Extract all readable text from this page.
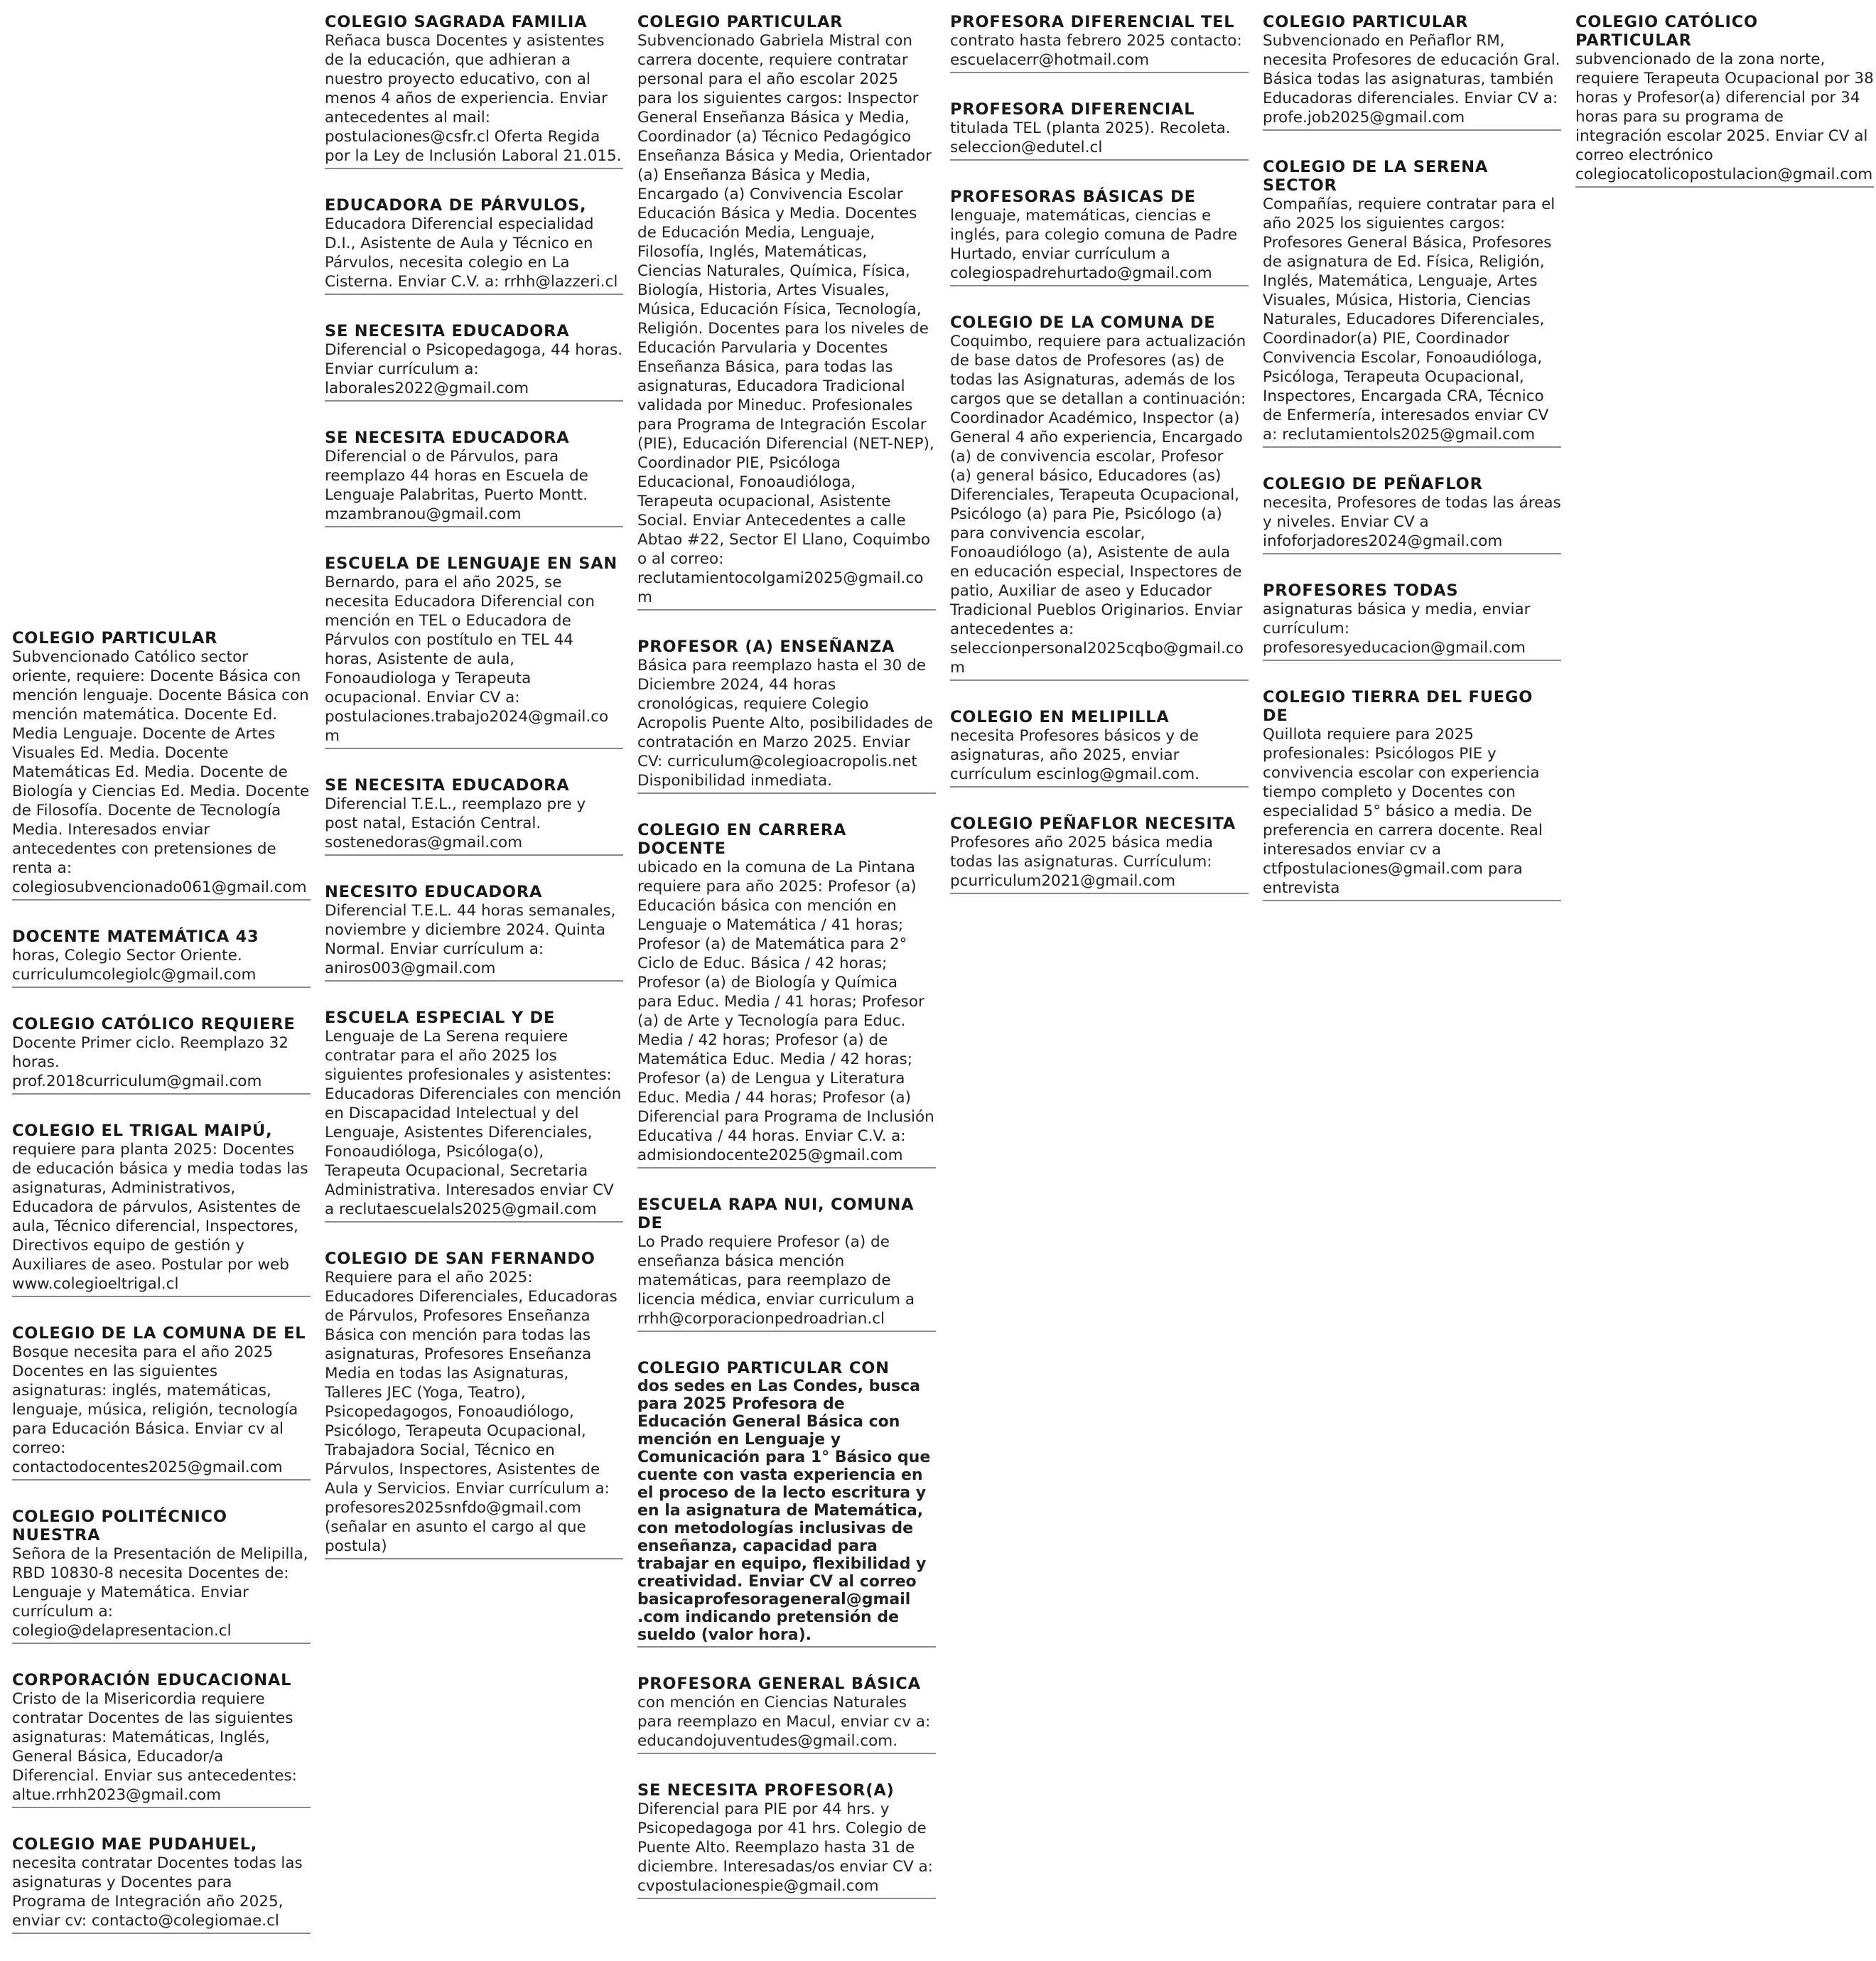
COLEGIO PARTICULAR

Subvencionado Católico sector oriente, requiere: Docente Básica con mención lenguaje. Docente Básica con mención matemática. Docente Ed. Media Lenguaje. Docente de Artes Visuales Ed. Media. Docente Matemáticas Ed. Media. Docente de Biología y Ciencias Ed. Media. Docente de Filosofía. Docente de Tecnología Media. Interesados enviar antecedentes con pretensiones de renta a: colegiosubvencionado061@gmail.com

DOCENTE MATEMÁTICA 43

horas, Colegio Sector Oriente. curriculumcolegiolc@gmail.com

COLEGIO CATÓLICO REQUIERE

Docente Primer ciclo. Reemplazo 32 horas. prof.2018curriculum@gmail.com

COLEGIO EL TRIGAL MAIPÚ,

requiere para planta 2025: Docentes de educación básica y media todas las asignaturas, Administrativos, Educadora de párvulos, Asistentes de aula, Técnico diferencial, Inspectores, Directivos equipo de gestión y Auxiliares de aseo. Postular por web www.colegioeltrigal.cl

COLEGIO DE LA COMUNA DE EL

Bosque necesita para el año 2025 Docentes en las siguientes asignaturas: inglés, matemáticas, lenguaje, música, religión, tecnología para Educación Básica. Enviar cv al correo: contactodocentes2025@gmail.com

COLEGIO POLITÉCNICO NUESTRA

Señora de la Presentación de Melipilla, RBD 10830-8 necesita Docentes de: Lenguaje y Matemática. Enviar currículum a: colegio@delapresentacion.cl

CORPORACIÓN EDUCACIONAL

Cristo de la Misericordia requiere contratar Docentes de las siguientes asignaturas: Matemáticas, Inglés, General Básica, Educador/a Diferencial. Enviar sus antecedentes: altue.rrhh2023@gmail.com

COLEGIO MAE PUDAHUEL,

necesita contratar Docentes todas las asignaturas y Docentes para Programa de Integración año 2025, enviar cv: contacto@colegiomae.cl

COLEGIO SAGRADA FAMILIA

Reñaca busca Docentes y asistentes de la educación, que adhieran a nuestro proyecto educativo, con al menos 4 años de experiencia. Enviar antecedentes al mail: postulaciones@csfr.cl Oferta Regida por la Ley de Inclusión Laboral 21.015.

EDUCADORA DE PÁRVULOS,

Educadora Diferencial especialidad D.I., Asistente de Aula y Técnico en Párvulos, necesita colegio en La Cisterna. Enviar C.V. a: rrhh@lazzeri.cl

SE NECESITA EDUCADORA

Diferencial o Psicopedagoga, 44 horas. Enviar currículum a: laborales2022@gmail.com

SE NECESITA EDUCADORA

Diferencial o de Párvulos, para reemplazo 44 horas en Escuela de Lenguaje Palabritas, Puerto Montt. mzambranou@gmail.com

ESCUELA DE LENGUAJE EN SAN

Bernardo, para el año 2025, se necesita Educadora Diferencial con mención en TEL o Educadora de Párvulos con postítulo en TEL 44 horas, Asistente de aula, Fonoaudiologa y Terapeuta ocupacional. Enviar CV a: postulaciones.trabajo2024@gmail.com

SE NECESITA EDUCADORA

Diferencial T.E.L., reemplazo pre y post natal, Estación Central. sostenedoras@gmail.com

NECESITO EDUCADORA

Diferencial T.E.L. 44 horas semanales, noviembre y diciembre 2024. Quinta Normal. Enviar currículum a: aniros003@gmail.com

ESCUELA ESPECIAL Y DE

Lenguaje de La Serena requiere contratar para el año 2025 los siguientes profesionales y asistentes: Educadoras Diferenciales con mención en Discapacidad Intelectual y del Lenguaje, Asistentes Diferenciales, Fonoaudióloga, Psicóloga(o), Terapeuta Ocupacional, Secretaria Administrativa. Interesados enviar CV a reclutaescuelals2025@gmail.com

COLEGIO DE SAN FERNANDO

Requiere para el año 2025: Educadores Diferenciales, Educadoras de Párvulos, Profesores Enseñanza Básica con mención para todas las asignaturas, Profesores Enseñanza Media en todas las Asignaturas, Talleres JEC (Yoga, Teatro), Psicopedagogos, Fonoaudiólogo, Psicólogo, Terapeuta Ocupacional, Trabajadora Social, Técnico en Párvulos, Inspectores, Asistentes de Aula y Servicios. Enviar currículum a: profesores2025snfdo@gmail.com (señalar en asunto el cargo al que postula)

COLEGIO PARTICULAR

Subvencionado Gabriela Mistral con carrera docente, requiere contratar personal para el año escolar 2025 para los siguientes cargos: Inspector General Enseñanza Básica y Media, Coordinador (a) Técnico Pedagógico Enseñanza Básica y Media, Orientador (a) Enseñanza Básica y Media, Encargado (a) Convivencia Escolar Educación Básica y Media. Docentes de Educación Media, Lenguaje, Filosofía, Inglés, Matemáticas, Ciencias Naturales, Química, Física, Biología, Historia, Artes Visuales, Música, Educación Física, Tecnología, Religión. Docentes para los niveles de Educación Parvularia y Docentes Enseñanza Básica, para todas las asignaturas, Educadora Tradicional validada por Mineduc. Profesionales para Programa de Integración Escolar (PIE), Educación Diferencial (NET-NEP), Coordinador PIE, Psicóloga Educacional, Fonoaudióloga, Terapeuta ocupacional, Asistente Social. Enviar Antecedentes a calle Abtao #22, Sector El Llano, Coquimbo o al correo: reclutamientocolgami2025@gmail.com

PROFESOR (A) ENSEÑANZA

Básica para reemplazo hasta el 30 de Diciembre 2024, 44 horas cronológicas, requiere Colegio Acropolis Puente Alto, posibilidades de contratación en Marzo 2025. Enviar CV: curriculum@colegioacropolis.net Disponibilidad inmediata.

COLEGIO EN CARRERA DOCENTE

ubicado en la comuna de La Pintana requiere para año 2025: Profesor (a) Educación básica con mención en Lenguaje o Matemática / 41 horas; Profesor (a) de Matemática para 2° Ciclo de Educ. Básica / 42 horas; Profesor (a) de Biología y Química para Educ. Media / 41 horas; Profesor (a) de Arte y Tecnología para Educ. Media / 42 horas; Profesor (a) de Matemática Educ. Media / 42 horas; Profesor (a) de Lengua y Literatura Educ. Media / 44 horas; Profesor (a) Diferencial para Programa de Inclusión Educativa / 44 horas. Enviar C.V. a: admisiondocente2025@gmail.com

ESCUELA RAPA NUI, COMUNA DE

Lo Prado requiere Profesor (a) de enseñanza básica mención matemáticas, para reemplazo de licencia médica, enviar curriculum a rrhh@corporacionpedroadrian.cl

COLEGIO PARTICULAR CON

dos sedes en Las Condes, busca para 2025 Profesora de Educación General Básica con mención en Lenguaje y Comunicación para 1° Básico que cuente con vasta experiencia en el proceso de la lecto escritura y en la asignatura de Matemática, con metodologías inclusivas de enseñanza, capacidad para trabajar en equipo, flexibilidad y creatividad. Enviar CV al correo basicaprofesorageneral@gmail .com indicando pretensión de sueldo (valor hora).

PROFESORA GENERAL BÁSICA

con mención en Ciencias Naturales para reemplazo en Macul, enviar cv a: educandojuventudes@gmail.com.

SE NECESITA PROFESOR(A)

Diferencial para PIE por 44 hrs. y Psicopedagoga por 41 hrs. Colegio de Puente Alto. Reemplazo hasta 31 de diciembre. Interesadas/os enviar CV a: cvpostulacionespie@gmail.com

PROFESORA DIFERENCIAL TEL

contrato hasta febrero 2025 contacto: escuelacerr@hotmail.com

PROFESORA DIFERENCIAL

titulada TEL (planta 2025). Recoleta. seleccion@edutel.cl

PROFESORAS BÁSICAS DE

lenguaje, matemáticas, ciencias e inglés, para colegio comuna de Padre Hurtado, enviar currículum a colegiospadrehurtado@gmail.com

COLEGIO DE LA COMUNA DE

Coquimbo, requiere para actualización de base datos de Profesores (as) de todas las Asignaturas, además de los cargos que se detallan a continuación: Coordinador Académico, Inspector (a) General 4 año experiencia, Encargado (a) de convivencia escolar, Profesor (a) general básico, Educadores (as) Diferenciales, Terapeuta Ocupacional, Psicólogo (a) para Pie, Psicólogo (a) para convivencia escolar, Fonoaudiólogo (a), Asistente de aula en educación especial, Inspectores de patio, Auxiliar de aseo y Educador Tradicional Pueblos Originarios. Enviar antecedentes a: seleccionpersonal2025cqbo@gmail.co m

COLEGIO EN MELIPILLA

necesita Profesores básicos y de asignaturas, año 2025, enviar currículum escinlog@gmail.com.

COLEGIO PEÑAFLOR NECESITA

Profesores año 2025 básica media todas las asignaturas. Currículum: pcurriculum2021@gmail.com

COLEGIO PARTICULAR

Subvencionado en Peñaflor RM, necesita Profesores de educación Gral. Básica todas las asignaturas, también Educadoras diferenciales. Enviar CV a: profe.job2025@gmail.com

COLEGIO DE LA SERENA SECTOR

Compañías, requiere contratar para el año 2025 los siguientes cargos: Profesores General Básica, Profesores de asignatura de Ed. Física, Religión, Inglés, Matemática, Lenguaje, Artes Visuales, Música, Historia, Ciencias Naturales, Educadores Diferenciales, Coordinador(a) PIE, Coordinador Convivencia Escolar, Fonoaudióloga, Psicóloga, Terapeuta Ocupacional, Inspectores, Encargada CRA, Técnico de Enfermería, interesados enviar CV a: reclutamientols2025@gmail.com

COLEGIO DE PEÑAFLOR

necesita, Profesores de todas las áreas y niveles. Enviar CV a infoforjadores2024@gmail.com

PROFESORES TODAS

asignaturas básica y media, enviar currículum: profesoresyeducacion@gmail.com

COLEGIO TIERRA DEL FUEGO DE

Quillota requiere para 2025 profesionales: Psicólogos PIE y convivencia escolar con experiencia tiempo completo y Docentes con especialidad 5° básico a media. De preferencia en carrera docente. Real interesados enviar cv a ctfpostulaciones@gmail.com para entrevista

COLEGIO CATÓLICO PARTICULAR

subvencionado de la zona norte, requiere Terapeuta Ocupacional por 38 horas y Profesor(a) diferencial por 34 horas para su programa de integración escolar 2025. Enviar CV al correo electrónico colegiocatolicopostulacion@gmail.com
